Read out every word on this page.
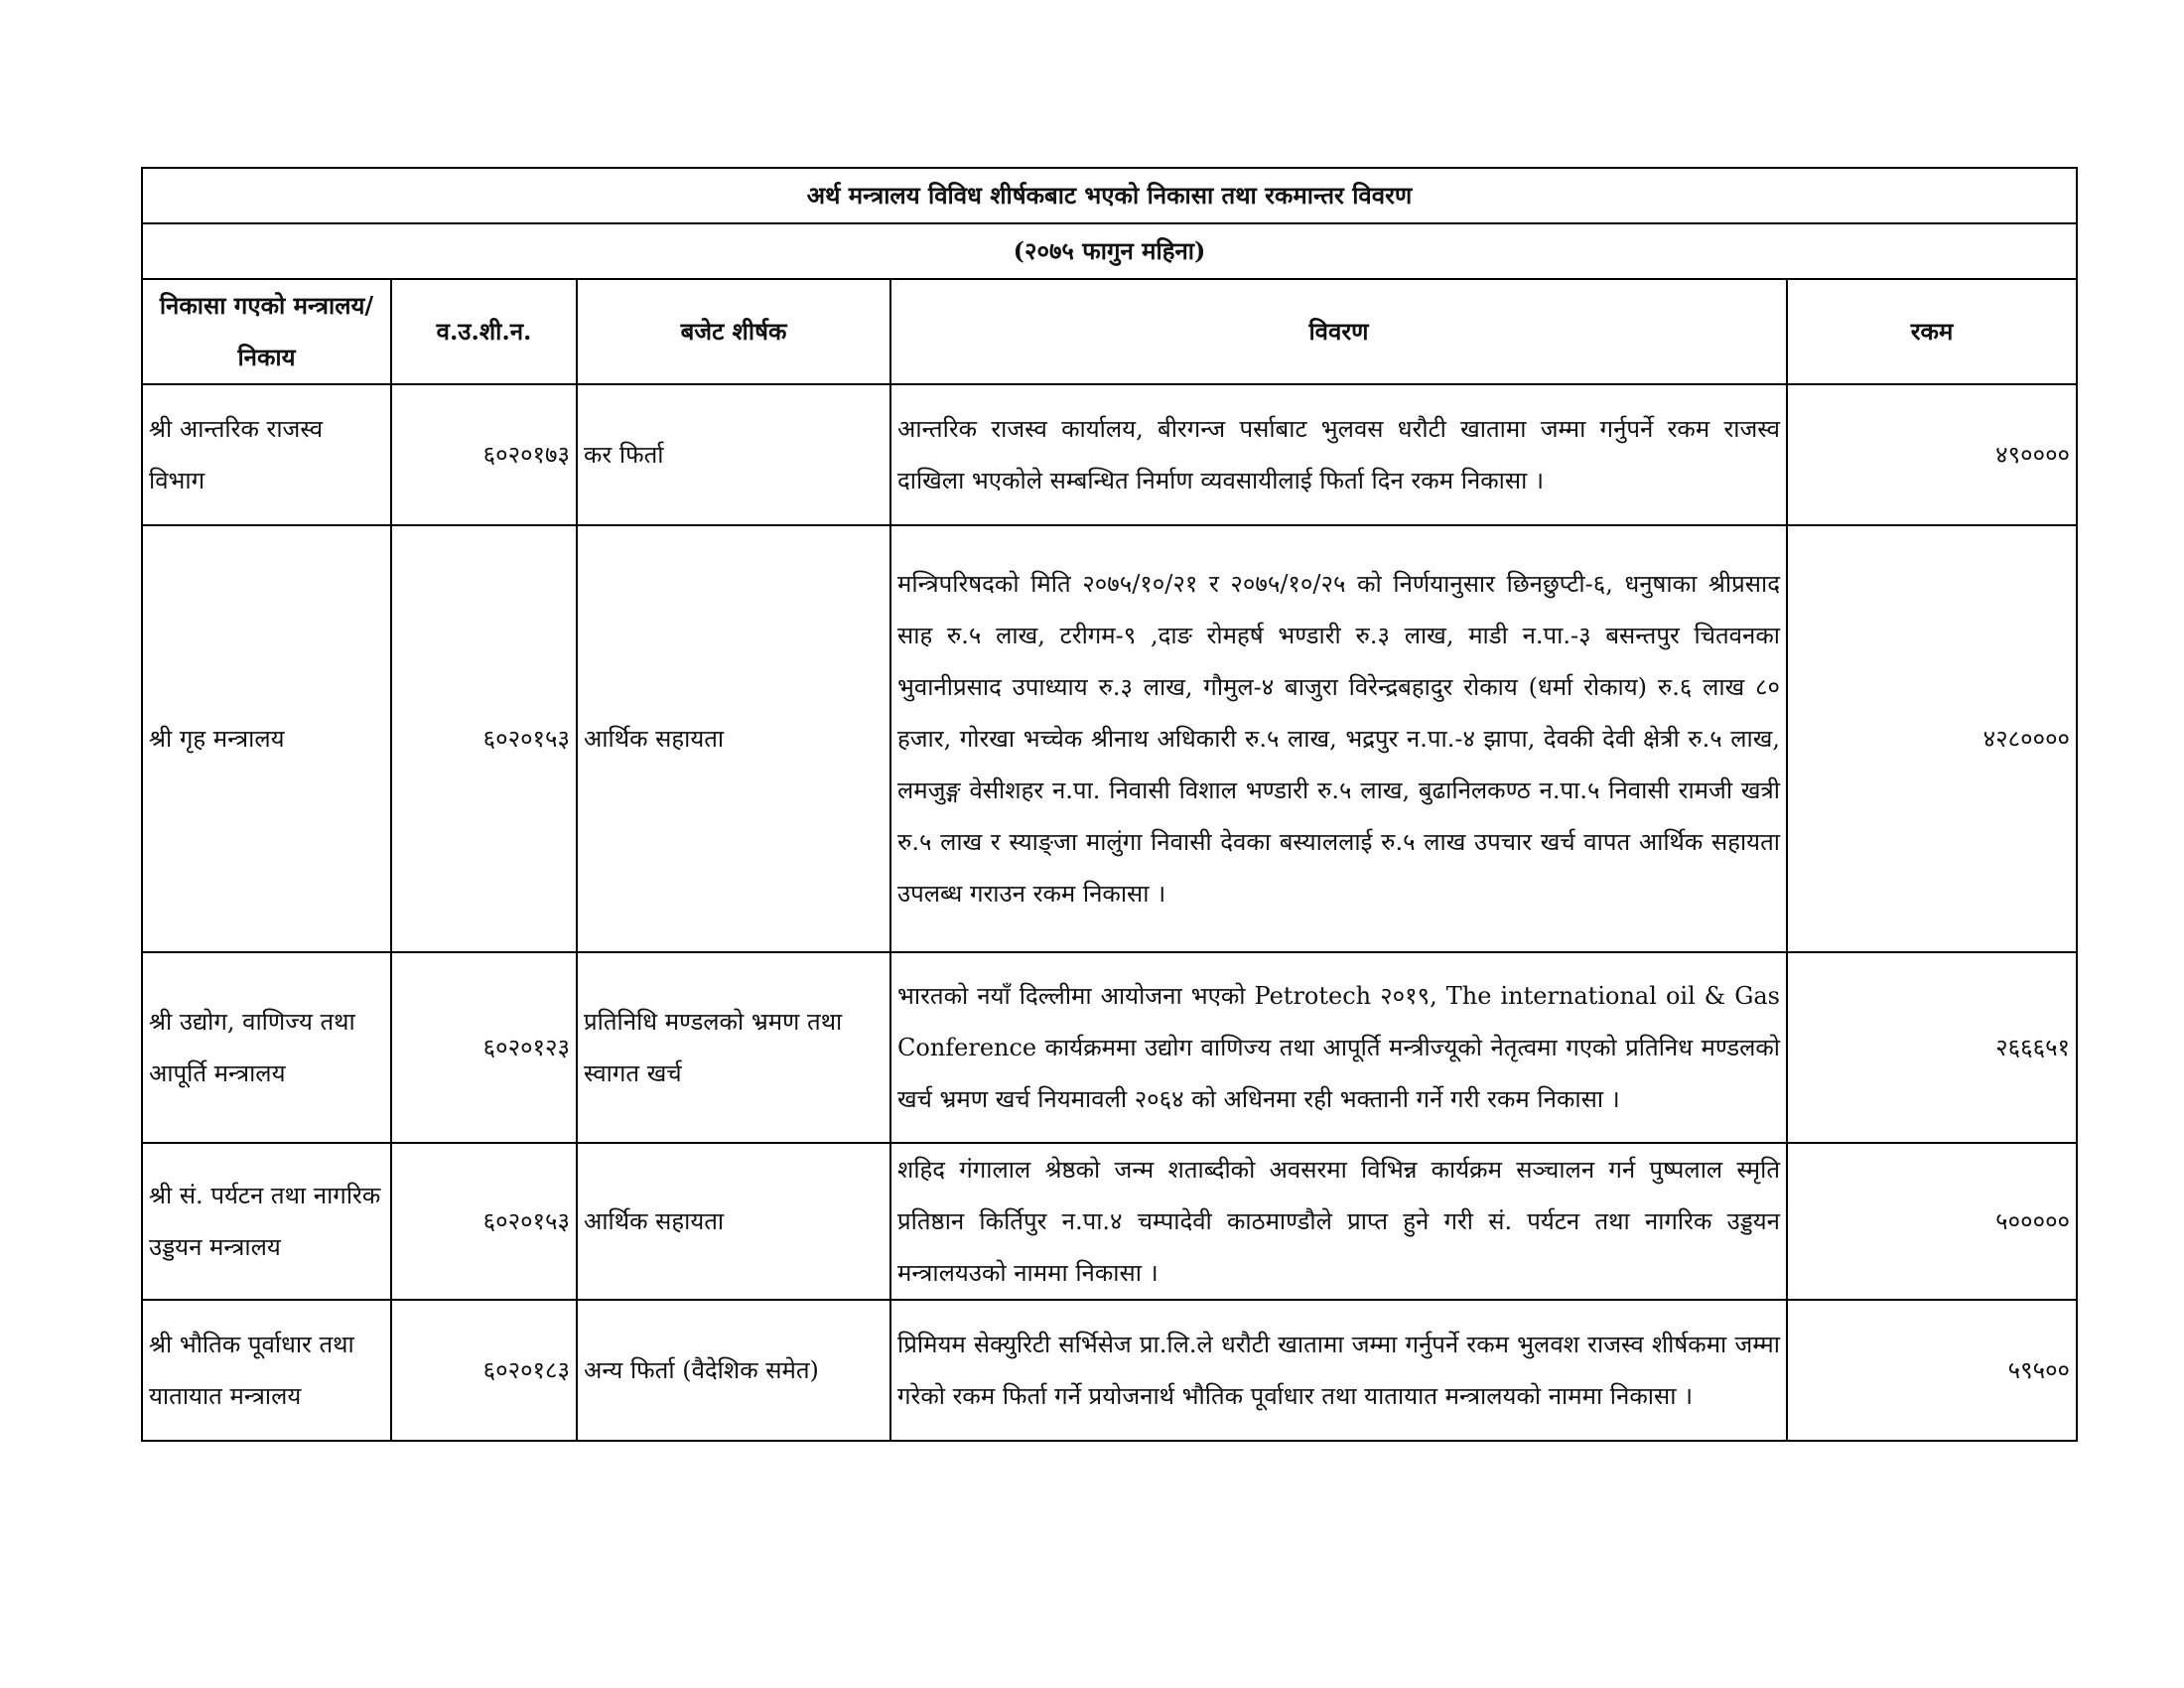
अर्थ मन्त्रालय विविध शीर्षकबाट भएको निकासा तथा रकमान्तर विवरण				
(२०७५ फागुन महिना)				
निकासा गएको मन्त्रालय/निकाय	व.उ.शी.न.	बजेट शीर्षक	विवरण	रकम
श्री आन्तरिक राजस्व विभाग	६०२०१७३	कर फिर्ता	आन्तरिक राजस्व कार्यालय, बीरगन्ज पर्साबाट भुलवस धरौटी खातामा जम्मा गर्नुपर्ने रकम राजस्व दाखिला भएकोले सम्बन्धित निर्माण व्यवसायीलाई फिर्ता दिन रकम निकासा ।	४९००००
श्री गृह मन्त्रालय	६०२०१५३	आर्थिक सहायता	मन्त्रिपरिषदको मिति २०७५/१०/२१ र २०७५/१०/२५ को निर्णयानुसार छिनछुप्टी-६, धनुषाका श्रीप्रसाद साह रु.५ लाख, टरीगम-९ ,दाङ रोमहर्ष भण्डारी रु.३ लाख, माडी न.पा.-३ बसन्तपुर चितवनका भुवानीप्रसाद उपाध्याय रु.३ लाख, गौमुल-४ बाजुरा विरेन्द्रबहादुर रोकाय (धर्मा रोकाय) रु.६ लाख ८० हजार, गोरखा भच्चेक श्रीनाथ अधिकारी रु.५ लाख, भद्रपुर न.पा.-४ झापा, देवकी देवी क्षेत्री रु.५ लाख, लमजुङ्ग वेसीशहर न.पा. निवासी विशाल भण्डारी रु.५ लाख, बुढानिलकण्ठ न.पा.५ निवासी रामजी खत्री रु.५ लाख र स्याङ्जा मालुंगा निवासी देवका बस्याललाई रु.५ लाख उपचार खर्च वापत आर्थिक सहायता उपलब्ध गराउन रकम निकासा ।	४२८००००
श्री उद्योग, वाणिज्य तथा आपूर्ति मन्त्रालय	६०२०१२३	प्रतिनिधि मण्डलको भ्रमण तथा स्वागत खर्च	भारतको नयाँ दिल्लीमा आयोजना भएको Petrotech २०१९, The international oil & Gas Conference कार्यक्रममा उद्योग वाणिज्य तथा आपूर्ति मन्त्रीज्यूको नेतृत्वमा गएको प्रतिनिध मण्डलको खर्च भ्रमण खर्च नियमावली २०६४ को अधिनमा रही भक्तानी गर्ने गरी रकम निकासा ।	२६६६५१
श्री सं. पर्यटन तथा नागरिक उड्डयन मन्त्रालय	६०२०१५३	आर्थिक सहायता	शहिद गंगालाल श्रेष्ठको जन्म शताब्दीको अवसरमा विभिन्न कार्यक्रम सञ्चालन गर्न पुष्पलाल स्मृति प्रतिष्ठान किर्तिपुर न.पा.४ चम्पादेवी काठमाण्डौले प्राप्त हुने गरी सं. पर्यटन तथा नागरिक उड्डयन मन्त्रालयउको नाममा निकासा ।	५०००००
श्री भौतिक पूर्वाधार तथा यातायात मन्त्रालय	६०२०१८३	अन्य फिर्ता (वैदेशिक समेत)	प्रिमियम सेक्युरिटी सर्भिसेज प्रा.लि.ले धरौटी खातामा जम्मा गर्नुपर्ने रकम भुलवश राजस्व शीर्षकमा जम्मा गरेको रकम फिर्ता गर्ने प्रयोजनार्थ भौतिक पूर्वाधार तथा यातायात मन्त्रालयको नाममा निकासा ।	५९५००
